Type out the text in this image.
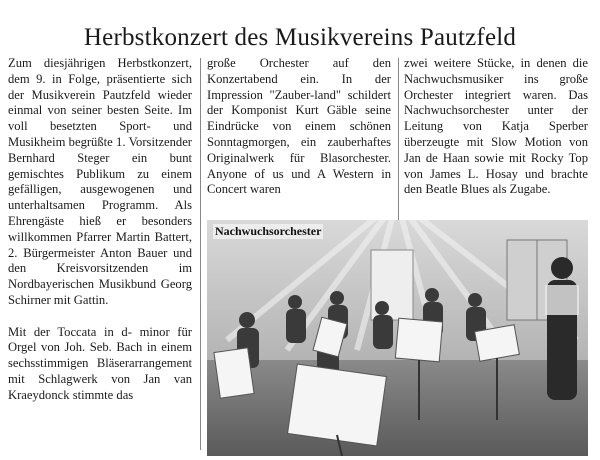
Herbstkonzert des Musikvereins Pautzfeld

Zum diesjährigen Herbstkonzert, dem 9. in Folge, präsentierte sich der Musikverein Pautzfeld wieder einmal von seiner besten Seite. Im voll besetzten Sport- und Musikheim begrüßte 1. Vorsitzender Bernhard Steger ein bunt gemischtes Publikum zu einem gefälligen, ausgewogenen und unterhaltsamen Programm. Als Ehrengäste hieß er besonders willkommen Pfarrer Martin Battert, 2. Bürgermeister Anton Bauer und den Kreisvorsitzenden im Nordbayerischen Musikbund Georg Schirner mit Gattin.

Mit der Toccata in d- minor für Orgel von Joh. Seb. Bach in einem sechsstimmigen Bläserarrangement mit Schlagwerk von Jan van Kraeydonck stimmte das

große Orchester auf den Konzertabend ein. In der Impression "Zauber-land" schildert der Komponist Kurt Gäble seine Eindrücke von einem schönen Sonntagmorgen, ein zauberhaftes Originalwerk für Blasorchester. Anyone of us und A Western in Concert waren

zwei weitere Stücke, in denen die Nachwuchsmusiker ins große Orchester integriert waren. Das Nachwuchsorchester unter der Leitung von Katja Sperber überzeugte mit Slow Motion von Jan de Haan sowie mit Rocky Top von James L. Hosay und brachte den Beatle Blues als Zugabe.

Nachwuchsorchester
